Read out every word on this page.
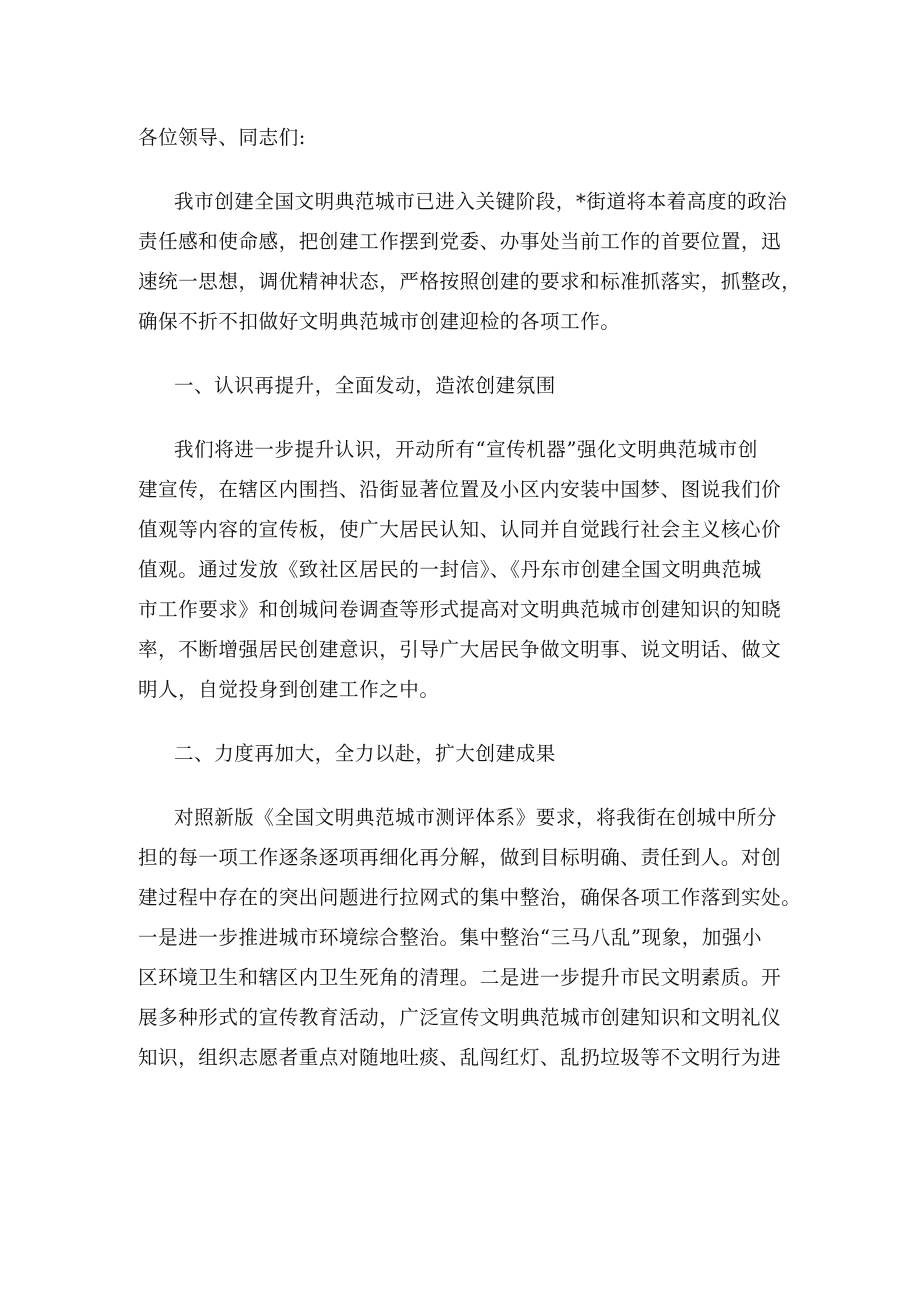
各位领导、同志们:
我市创建全国文明典范城市已进入关键阶段，*街道将本着高度的政治
责任感和使命感，把创建工作摆到党委、办事处当前工作的首要位置，迅
速统一思想，调优精神状态，严格按照创建的要求和标准抓落实，抓整改，
确保不折不扣做好文明典范城市创建迎检的各项工作。
一、认识再提升，全面发动，造浓创建氛围
我们将进一步提升认识，开动所有“宣传机器”强化文明典范城市创
建宣传，在辖区内围挡、沿街显著位置及小区内安装中国梦、图说我们价
值观等内容的宣传板，使广大居民认知、认同并自觉践行社会主义核心价
值观。通过发放《致社区居民的一封信》、《丹东市创建全国文明典范城
市工作要求》和创城问卷调查等形式提高对文明典范城市创建知识的知晓
率，不断增强居民创建意识，引导广大居民争做文明事、说文明话、做文
明人，自觉投身到创建工作之中。
二、力度再加大，全力以赴，扩大创建成果
对照新版《全国文明典范城市测评体系》要求，将我街在创城中所分
担的每一项工作逐条逐项再细化再分解，做到目标明确、责任到人。对创
建过程中存在的突出问题进行拉网式的集中整治，确保各项工作落到实处。
一是进一步推进城市环境综合整治。集中整治“三马八乱”现象，加强小
区环境卫生和辖区内卫生死角的清理。二是进一步提升市民文明素质。开
展多种形式的宣传教育活动，广泛宣传文明典范城市创建知识和文明礼仪
知识，组织志愿者重点对随地吐痰、乱闯红灯、乱扔垃圾等不文明行为进
